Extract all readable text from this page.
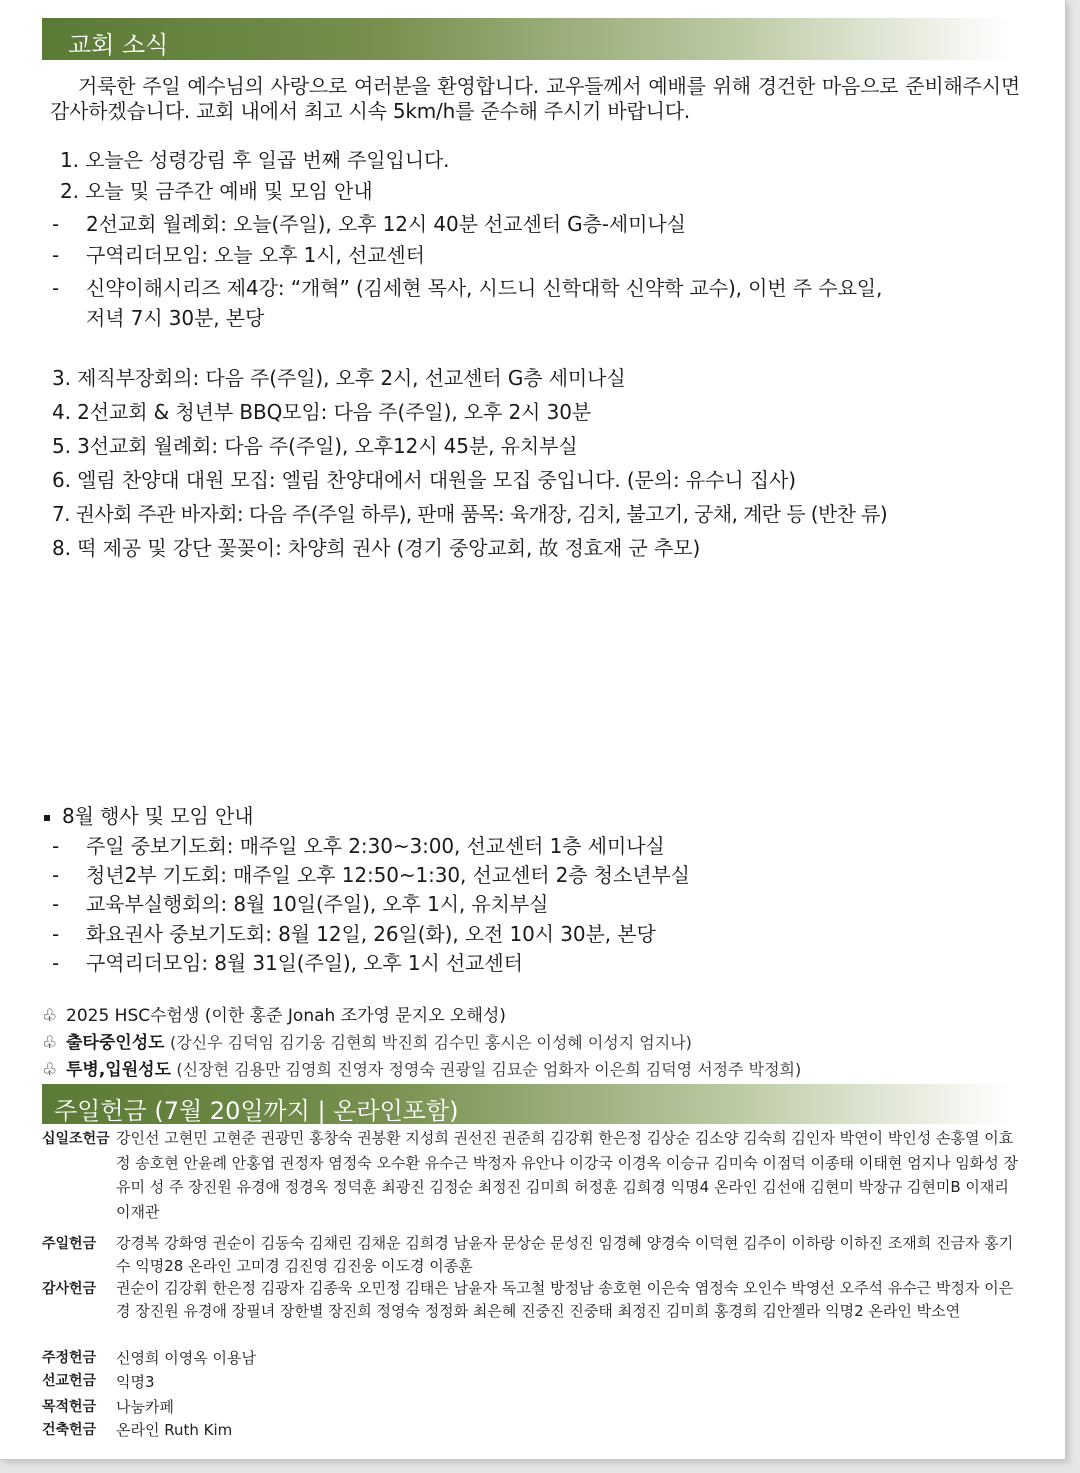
교회 소식

거룩한 주일 예수님의 사랑으로 여러분을 환영합니다. 교우들께서 예배를 위해 경건한 마음으로 준비해주시면 감사하겠습니다. 교회 내에서 최고 시속 5km/h를 준수해 주시기 바랍니다.

1. 오늘은 성령강림 후 일곱 번째 주일입니다.
2. 오늘 및 금주간 예배 및 모임 안내
- 2선교회 월례회: 오늘(주일), 오후 12시 40분 선교센터 G층-세미나실
- 구역리더모임: 오늘 오후 1시, 선교센터
- 신약이해시리즈 제4강: “개혁” (김세현 목사, 시드니 신학대학 신약학 교수), 이번 주 수요일,
저녁 7시 30분, 본당
3. 제직부장회의: 다음 주(주일), 오후 2시, 선교센터 G층 세미나실
4. 2선교회 & 청년부 BBQ모임: 다음 주(주일), 오후 2시 30분
5. 3선교회 월례회: 다음 주(주일), 오후12시 45분, 유치부실
6. 엘림 찬양대 대원 모집: 엘림 찬양대에서 대원을 모집 중입니다. (문의: 유수니 집사)
7. 권사회 주관 바자회: 다음 주(주일 하루), 판매 품목: 육개장, 김치, 불고기, 궁채, 계란 등 (반찬 류)
8. 떡 제공 및 강단 꽃꽂이: 차양희 권사 (경기 중앙교회, 故 정효재 군 추모)
8월 행사 및 모임 안내
- 주일 중보기도회: 매주일 오후 2:30~3:00, 선교센터 1층 세미나실
- 청년2부 기도회: 매주일 오후 12:50~1:30, 선교센터 2층 청소년부실
- 교육부실행회의: 8월 10일(주일), 오후 1시, 유치부실
- 화요권사 중보기도회: 8월 12일, 26일(화), 오전 10시 30분, 본당
- 구역리더모임: 8월 31일(주일), 오후 1시 선교센터
♧ 2025 HSC수험생 (이한 홍준 Jonah 조가영 문지오 오해성)
♧ 출타중인성도 (강신우 김덕임 김기웅 김현희 박진희 김수민 홍시은 이성혜 이성지 엄지나)
♧ 투병,입원성도 (신장현 김용만 김영희 진영자 정영숙 권광일 김묘순 엄화자 이은희 김덕영 서정주 박정희)
주일헌금 (7월 20일까지 | 온라인포함)
십일조헌금 강인선 고현민 고현준 권광민 홍창숙 권봉환 지성희 권선진 권준희 김강휘 한은정 김상순 김소양 김숙희 김인자 박연이 박인성 손홍열 이효정 송호현 안윤례 안홍엽 권정자 염정숙 오수환 유수근 박정자 유안나 이강국 이경옥 이승규 김미숙 이점덕 이종태 이태현 엄지나 임화성 장유미 성 주 장진원 유경애 정경옥 정덕훈 최광진 김정순 최정진 김미희 허정훈 김희경 익명4 온라인 김선애 김현미 박장규 김현미B 이재리 이재관
주일헌금 강경복 강화영 권순이 김동숙 김채린 김채운 김희경 남윤자 문상순 문성진 임경혜 양경숙 이덕현 김주이 이하랑 이하진 조재희 진금자 홍기수 익명28 온라인 고미경 김진영 김진웅 이도경 이종훈
감사헌금 권순이 김강휘 한은정 김광자 김종욱 오민정 김태은 남윤자 독고철 방정남 송호현 이은숙 염정숙 오인수 박영선 오주석 유수근 박정자 이은경 장진원 유경애 장필녀 장한별 장진희 정영숙 정정화 최은혜 진중진 진중태 최정진 김미희 홍경희 김안젤라 익명2 온라인 박소연
주정헌금 신영희 이영옥 이용남
선교헌금 익명3
목적헌금 나눔카페
건축헌금 온라인 Ruth Kim
